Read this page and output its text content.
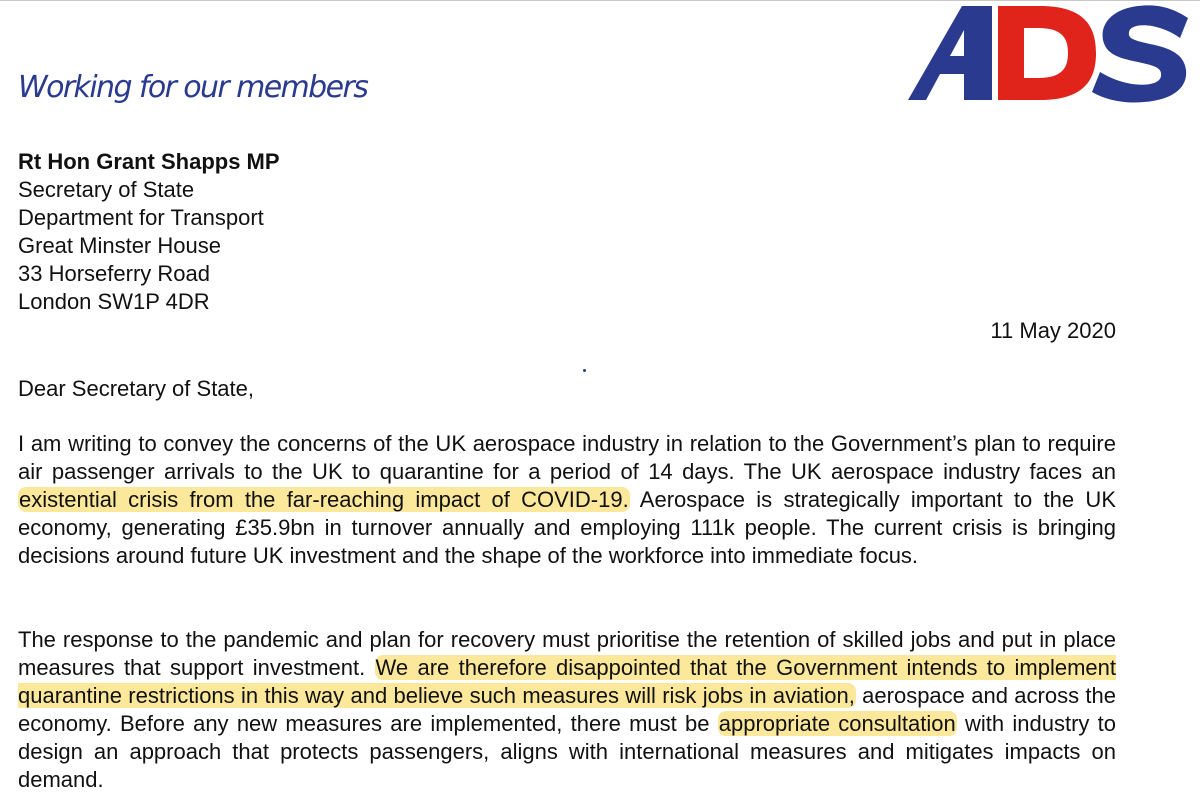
Working for our members
Rt Hon Grant Shapps MP
Secretary of State
Department for Transport
Great Minster House
33 Horseferry Road
London SW1P 4DR
11 May 2020
Dear Secretary of State,
I am writing to convey the concerns of the UK aerospace industry in relation to the Government’s plan to require air passenger arrivals to the UK to quarantine for a period of 14 days. The UK aerospace industry faces an existential crisis from the far-reaching impact of COVID-19. Aerospace is strategically important to the UK economy, generating £35.9bn in turnover annually and employing 111k people. The current crisis is bringing decisions around future UK investment and the shape of the workforce into immediate focus.
The response to the pandemic and plan for recovery must prioritise the retention of skilled jobs and put in place measures that support investment. We are therefore disappointed that the Government intends to implement quarantine restrictions in this way and believe such measures will risk jobs in aviation, aerospace and across the economy. Before any new measures are implemented, there must be appropriate consultation with industry to design an approach that protects passengers, aligns with international measures and mitigates impacts on demand.
